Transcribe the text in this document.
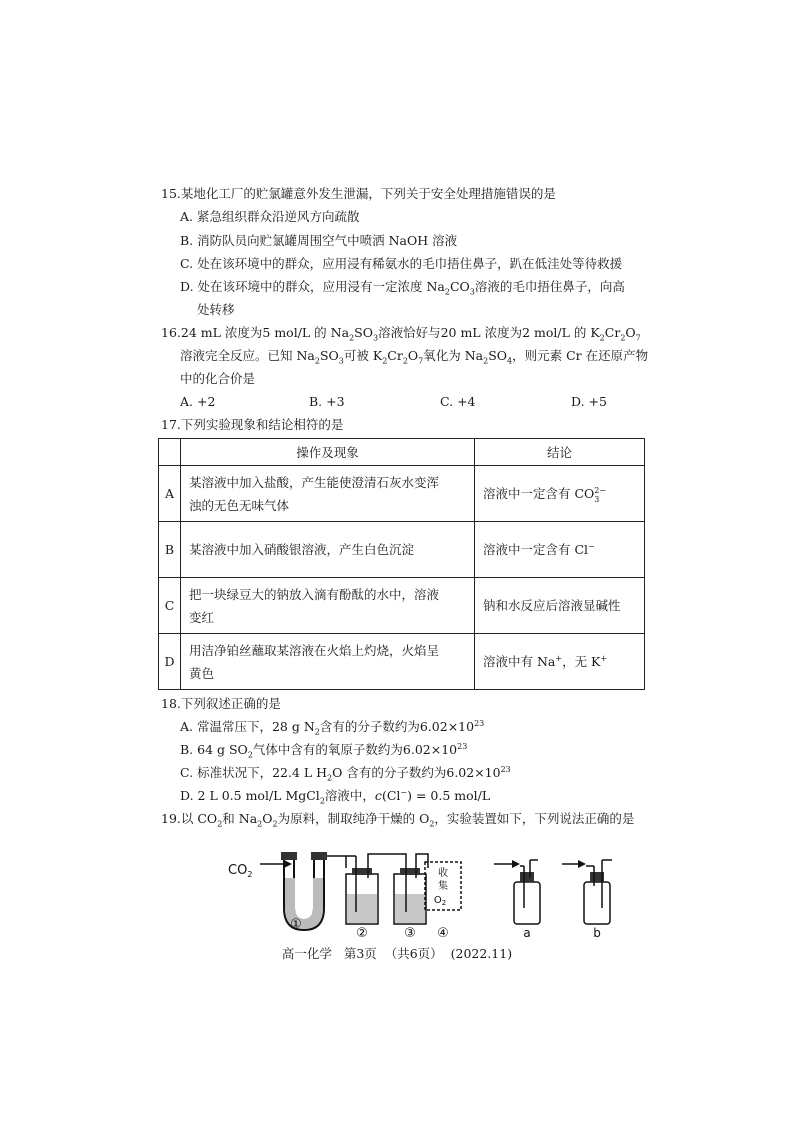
15.某地化工厂的贮氯罐意外发生泄漏，下列关于安全处理措施错误的是
A. 紧急组织群众沿逆风方向疏散
B. 消防队员向贮氯罐周围空气中喷洒 NaOH 溶液
C. 处在该环境中的群众，应用浸有稀氨水的毛巾捂住鼻子，趴在低洼处等待救援
D. 处在该环境中的群众，应用浸有一定浓度 $Na_2CO_3$溶液的毛巾捂住鼻子，向高
处转移
16.24 mL 浓度为5 mol/L 的 $Na_2SO_3$溶液恰好与20 mL 浓度为2 mol/L 的 $K_2Cr_2O_7$
溶液完全反应。已知 $Na_2SO_3$可被 $K_2Cr_2O_7$氧化为 $Na_2SO_4$，则元素 Cr 在还原产物
中的化合价是
A. +2	B. +3	C. +4	D. +5
17.下列实验现象和结论相符的是
	操作及现象	结论
A	某溶液中加入盐酸，产生能使澄清石灰水变浑
浊的无色无味气体	溶液中一定含有 CO 2−
3

B	某溶液中加入硝酸银溶液，产生白色沉淀	溶液中一定含有 Cl−
C	把一块绿豆大的钠放入滴有酚酞的水中，溶液
变红	钠和水反应后溶液显碱性
D	用洁净铂丝蘸取某溶液在火焰上灼烧，火焰呈
黄色	溶液中有 Na+，无 K+
18.下列叙述正确的是
A. 常温常压下，28 g $N_2$含有的分子数约为$6.02\times 10^{23}$
B. 64 g $SO_2$气体中含有的氧原子数约为$6.02\times 10^{23}$
C. 标准状况下，22.4 L $H_2O$ 含有的分子数约为$6.02\times 10^{23}$
D. 2 L 0.5 mol/L MgCl$_2$溶液中，c(Cl−) = 0.5 mol/L
19.以 $CO_2$和 $Na_2O_2$为原料，制取纯净干燥的 $O_2$，实验装置如下，下列说法正确的是
$CO_2$	收
集
$O_2$
①
②	③ ④	a	b
高一化学   第3页  （共6页）  (2022.11)
